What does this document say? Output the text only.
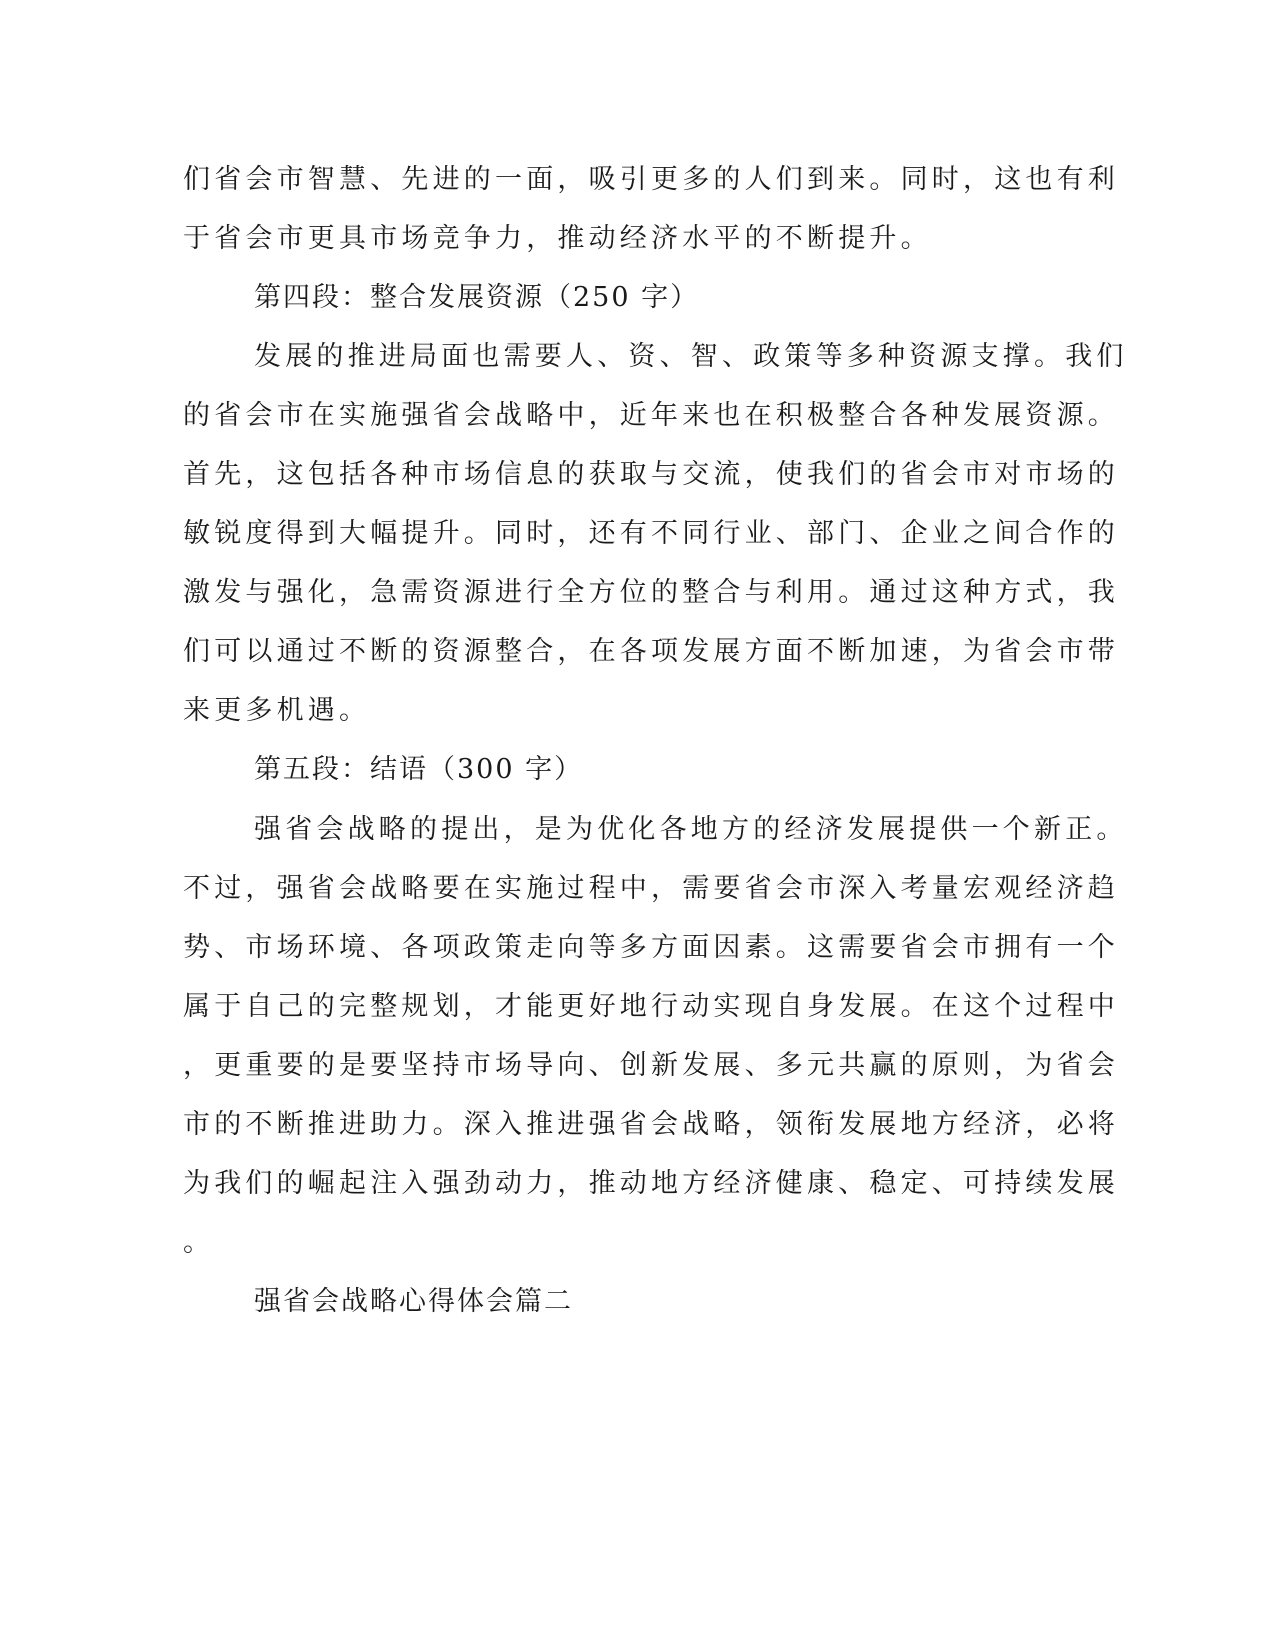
们省会市智慧、先进的一面，吸引更多的人们到来。同时，这也有利
于省会市更具市场竞争力，推动经济水平的不断提升。
第四段：整合发展资源（250 字）
发展的推进局面也需要人、资、智、政策等多种资源支撑。我们
的省会市在实施强省会战略中，近年来也在积极整合各种发展资源。
首先，这包括各种市场信息的获取与交流，使我们的省会市对市场的
敏锐度得到大幅提升。同时，还有不同行业、部门、企业之间合作的
激发与强化，急需资源进行全方位的整合与利用。通过这种方式，我
们可以通过不断的资源整合，在各项发展方面不断加速，为省会市带
来更多机遇。
第五段：结语（300 字）
强省会战略的提出，是为优化各地方的经济发展提供一个新正。
不过，强省会战略要在实施过程中，需要省会市深入考量宏观经济趋
势、市场环境、各项政策走向等多方面因素。这需要省会市拥有一个
属于自己的完整规划，才能更好地行动实现自身发展。在这个过程中
，更重要的是要坚持市场导向、创新发展、多元共赢的原则，为省会
市的不断推进助力。深入推进强省会战略，领衔发展地方经济，必将
为我们的崛起注入强劲动力，推动地方经济健康、稳定、可持续发展
。
强省会战略心得体会篇二
